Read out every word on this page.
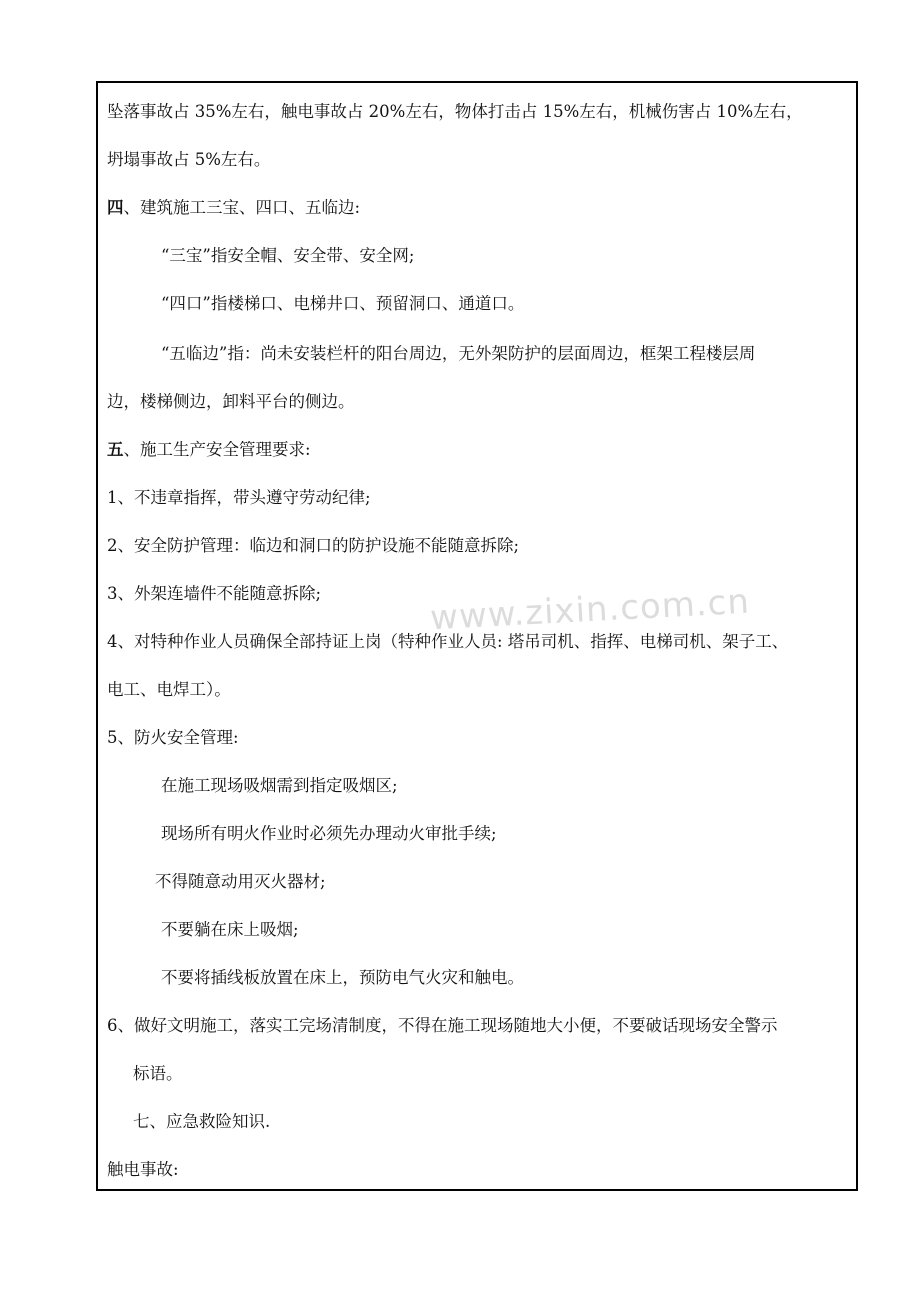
坠落事故占 35%左右，触电事故占 20%左右，物体打击占 15%左右，机械伤害占 10%左右，
坍塌事故占 5%左右。
四、建筑施工三宝、四口、五临边:
“三宝”指安全帽、安全带、安全网;
“四口”指楼梯口、电梯井口、预留洞口、通道口。
“五临边”指：尚未安装栏杆的阳台周边，无外架防护的层面周边，框架工程楼层周
边，楼梯侧边，卸料平台的侧边。
五、施工生产安全管理要求:
1、不违章指挥，带头遵守劳动纪律;
2、安全防护管理：临边和洞口的防护设施不能随意拆除;
3、外架连墙件不能随意拆除;
4、对特种作业人员确保全部持证上岗（特种作业人员: 塔吊司机、指挥、电梯司机、架子工、
电工、电焊工）。
5、防火安全管理:
在施工现场吸烟需到指定吸烟区;
现场所有明火作业时必须先办理动火审批手续;
不得随意动用灭火器材;
不要躺在床上吸烟;
不要将插线板放置在床上，预防电气火灾和触电。
6、做好文明施工，落实工完场清制度，不得在施工现场随地大小便，不要破话现场安全警示
标语。
七、应急救险知识.
触电事故:
www.zixin.com.cn
